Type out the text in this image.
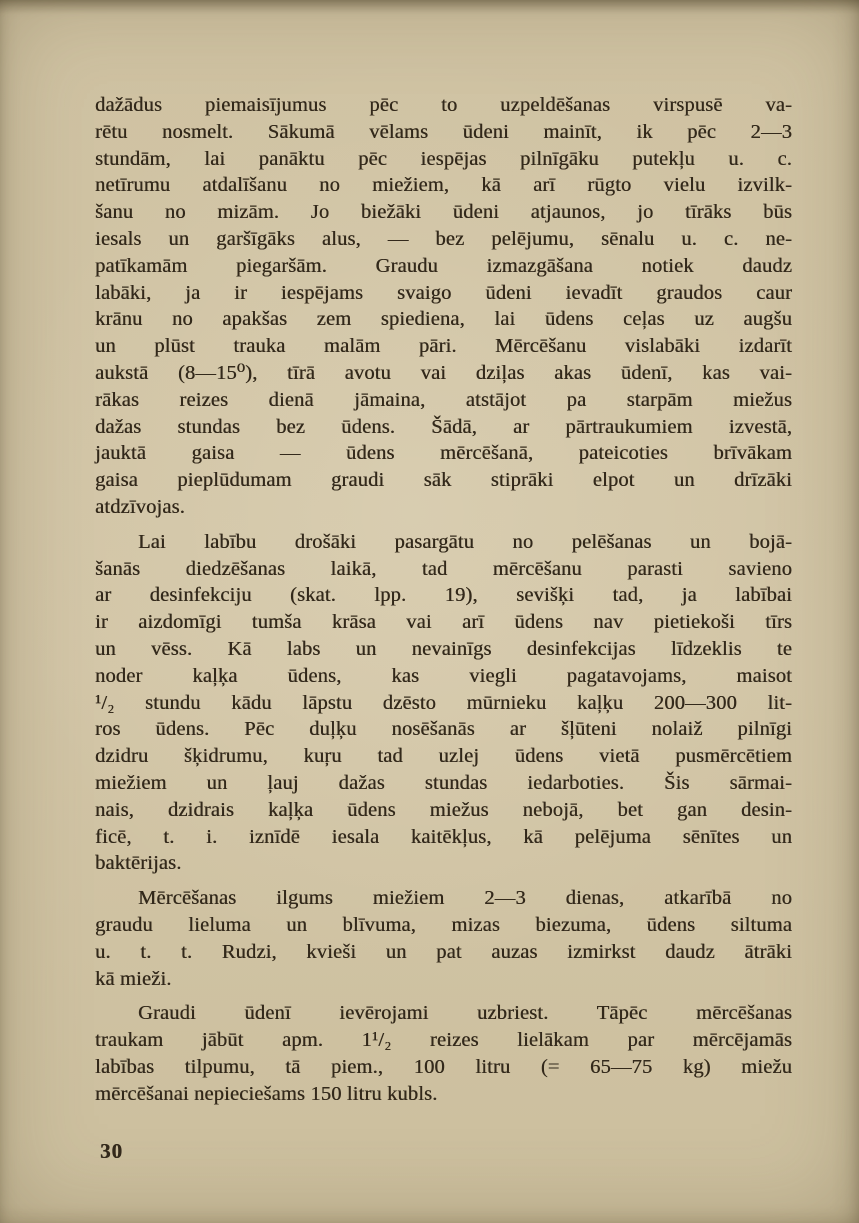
dažādus piemaisījumus pēc to uzpeldēšanas virspusē va-
rētu nosmelt. Sākumā vēlams ūdeni mainīt, ik pēc 2—3
stundām, lai panāktu pēc iespējas pilnīgāku putekļu u. c.
netīrumu atdalīšanu no miežiem, kā arī rūgto vielu izvilk-
šanu no mizām. Jo biežāki ūdeni atjaunos, jo tīrāks būs
iesals un garšīgāks alus, — bez pelējumu, sēnalu u. c. ne-
patīkamām piegaršām. Graudu izmazgāšana notiek daudz
labāki, ja ir iespējams svaigo ūdeni ievadīt graudos caur
krānu no apakšas zem spiediena, lai ūdens ceļas uz augšu
un plūst trauka malām pāri. Mērcēšanu vislabāki izdarīt
aukstā (8—15⁰), tīrā avotu vai dziļas akas ūdenī, kas vai-
rākas reizes dienā jāmaina, atstājot pa starpām miežus
dažas stundas bez ūdens. Šādā, ar pārtraukumiem izvestā,
jauktā gaisa — ūdens mērcēšanā, pateicoties brīvākam
gaisa pieplūdumam graudi sāk stiprāki elpot un drīzāki
atdzīvojas.
Lai labību drošāki pasargātu no pelēšanas un bojā-
šanās diedzēšanas laikā, tad mērcēšanu parasti savieno
ar desinfekciju (skat. lpp. 19), sevišķi tad, ja labībai
ir aizdomīgi tumša krāsa vai arī ūdens nav pietiekoši tīrs
un vēss. Kā labs un nevainīgs desinfekcijas līdzeklis te
noder kaļķa ūdens, kas viegli pagatavojams, maisot
¹/₂ stundu kādu lāpstu dzēsto mūrnieku kaļķu 200—300 lit-
ros ūdens. Pēc duļķu nosēšanās ar šļūteni nolaiž pilnīgi
dzidru šķidrumu, kuŗu tad uzlej ūdens vietā pusmērcētiem
miežiem un ļauj dažas stundas iedarboties. Šis sārmai-
nais, dzidrais kaļķa ūdens miežus nebojā, bet gan desin-
ficē, t. i. iznīdē iesala kaitēkļus, kā pelējuma sēnītes un
baktērijas.
Mērcēšanas ilgums miežiem 2—3 dienas, atkarībā no
graudu lieluma un blīvuma, mizas biezuma, ūdens siltuma
u. t. t. Rudzi, kvieši un pat auzas izmirkst daudz ātrāki
kā mieži.
Graudi ūdenī ievērojami uzbriest. Tāpēc mērcēšanas
traukam jābūt apm. 1¹/₂ reizes lielākam par mērcējamās
labības tilpumu, tā piem., 100 litru (= 65—75 kg) miežu
mērcēšanai nepieciešams 150 litru kubls.
30
